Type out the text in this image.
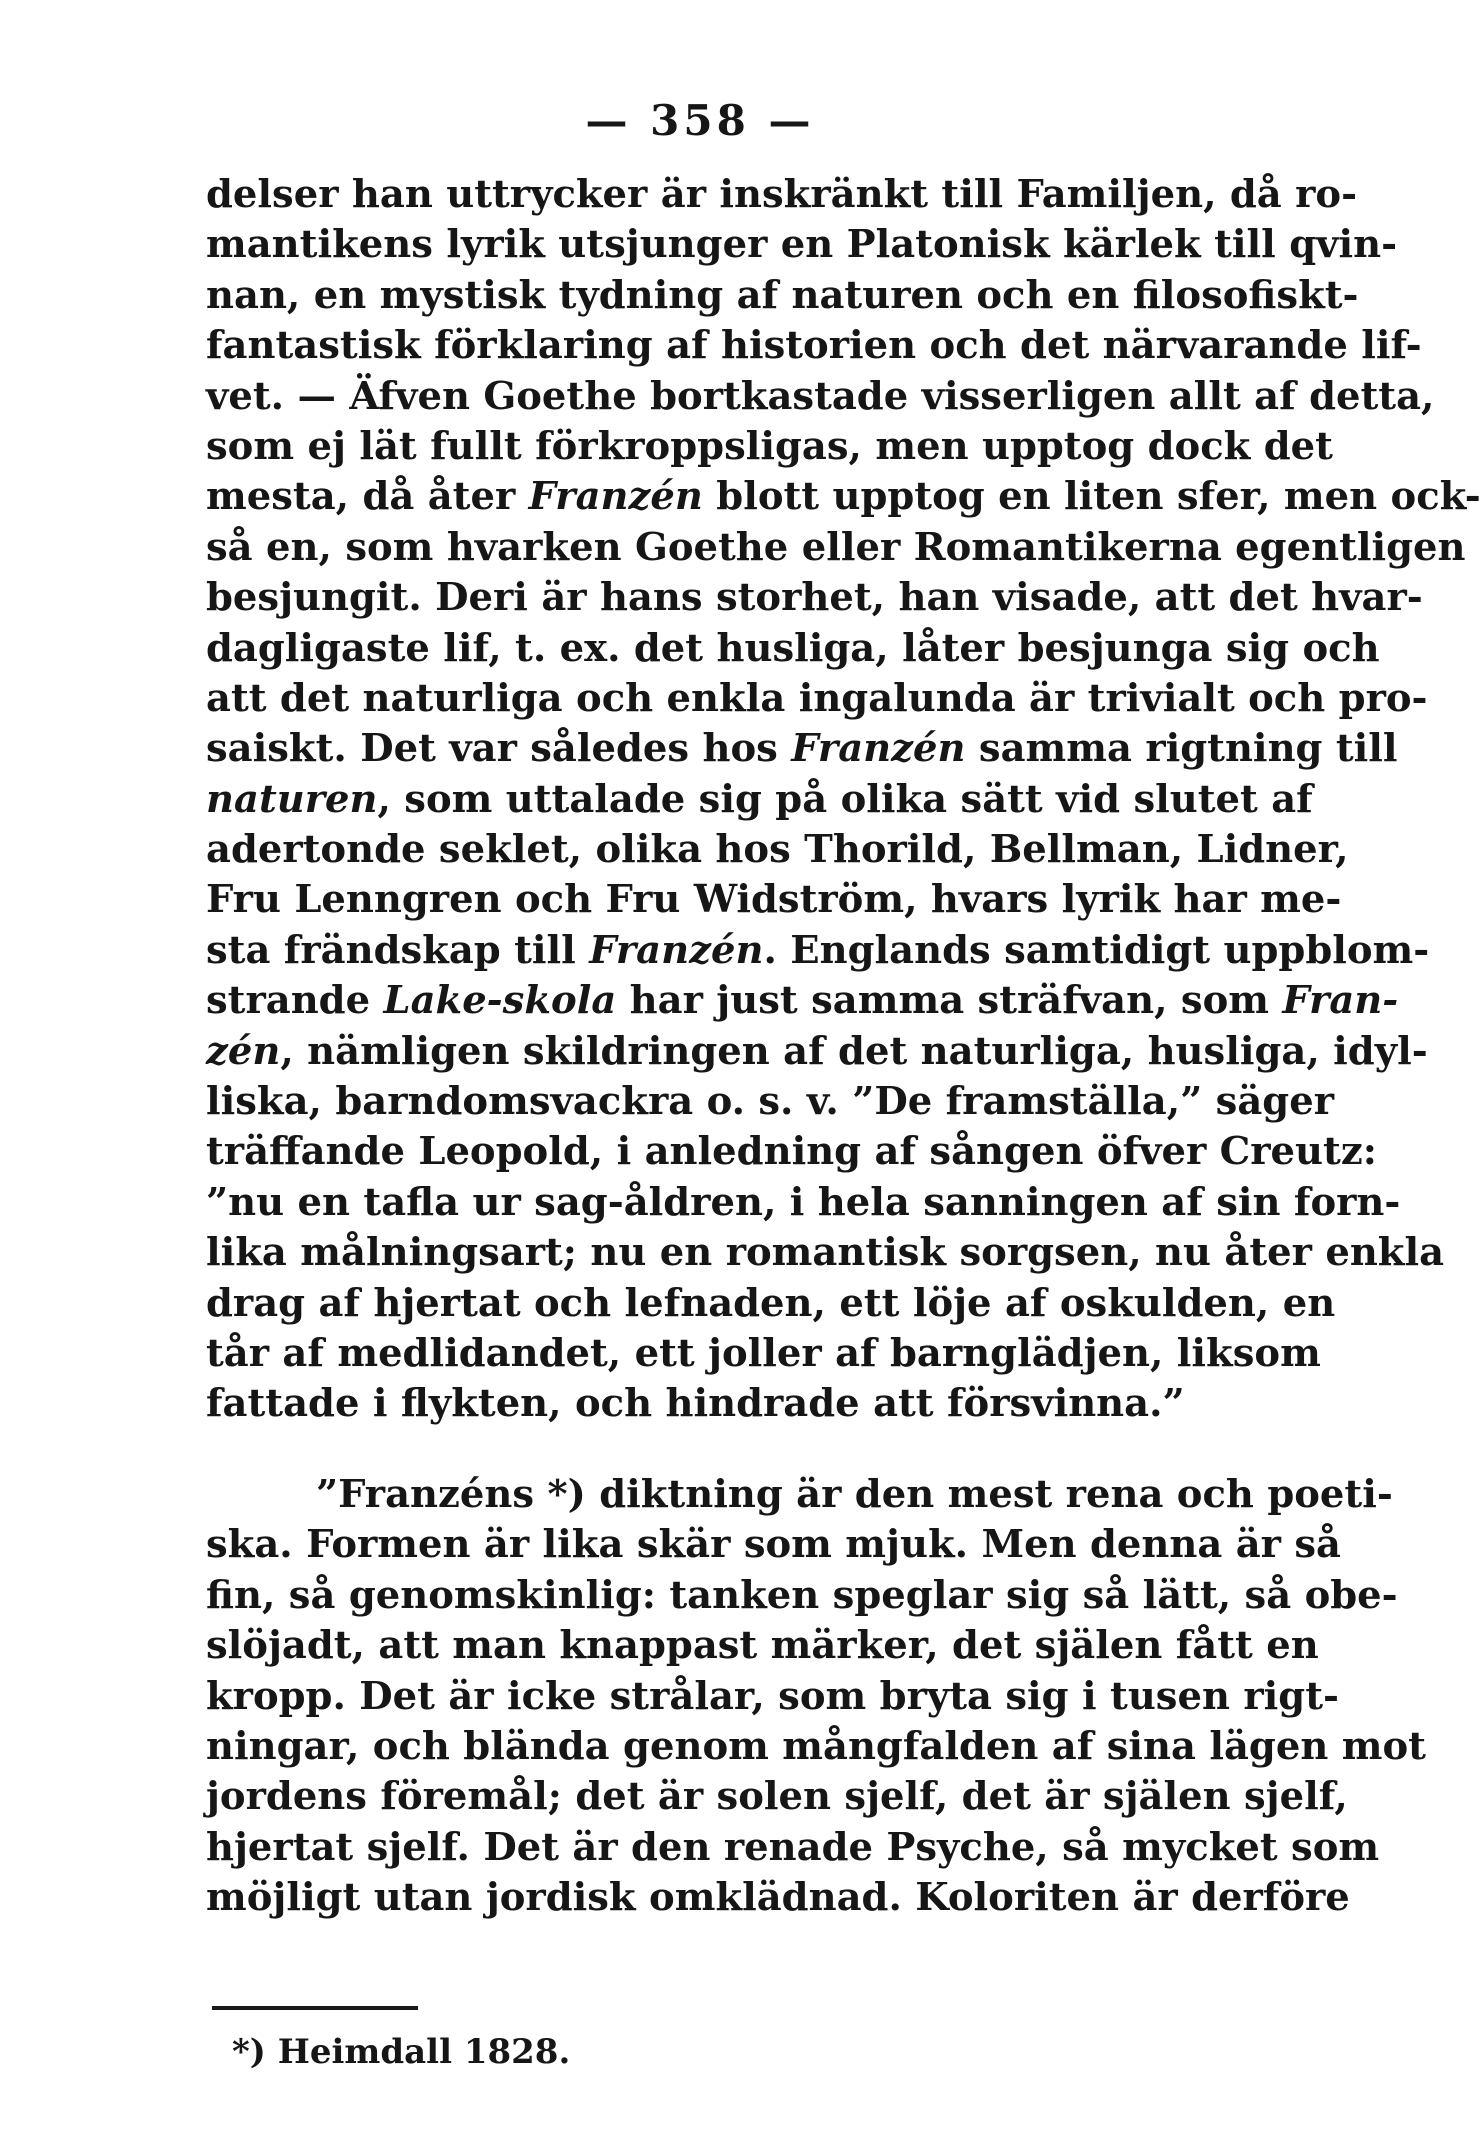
— 358 —
delser han uttrycker är inskränkt till Familjen, då ro-
mantikens lyrik utsjunger en Platonisk kärlek till qvin-
nan, en mystisk tydning af naturen och en filosofiskt-
fantastisk förklaring af historien och det närvarande lif-
vet. — Äfven Goethe bortkastade visserligen allt af detta,
som ej lät fullt förkroppsligas, men upptog dock det
mesta, då åter Franzén blott upptog en liten sfer, men ock-
så en, som hvarken Goethe eller Romantikerna egentligen
besjungit. Deri är hans storhet, han visade, att det hvar-
dagligaste lif, t. ex. det husliga, låter besjunga sig och
att det naturliga och enkla ingalunda är trivialt och pro-
saiskt. Det var således hos Franzén samma rigtning till
naturen, som uttalade sig på olika sätt vid slutet af
adertonde seklet, olika hos Thorild, Bellman, Lidner,
Fru Lenngren och Fru Widström, hvars lyrik har me-
sta frändskap till Franzén. Englands samtidigt uppblom-
strande Lake-skola har just samma sträfvan, som Fran-
zén, nämligen skildringen af det naturliga, husliga, idyl-
liska, barndomsvackra o. s. v. ”De framställa,” säger
träffande Leopold, i anledning af sången öfver Creutz:
”nu en tafla ur sag-åldren, i hela sanningen af sin forn-
lika målningsart; nu en romantisk sorgsen, nu åter enkla
drag af hjertat och lefnaden, ett löje af oskulden, en
tår af medlidandet, ett joller af barnglädjen, liksom
fattade i flykten, och hindrade att försvinna.”
”Franzéns *) diktning är den mest rena och poeti-
ska. Formen är lika skär som mjuk. Men denna är så
fin, så genomskinlig: tanken speglar sig så lätt, så obe-
slöjadt, att man knappast märker, det själen fått en
kropp. Det är icke strålar, som bryta sig i tusen rigt-
ningar, och blända genom mångfalden af sina lägen mot
jordens föremål; det är solen sjelf, det är själen sjelf,
hjertat sjelf. Det är den renade Psyche, så mycket som
möjligt utan jordisk omklädnad. Koloriten är derföre
*) Heimdall 1828.
